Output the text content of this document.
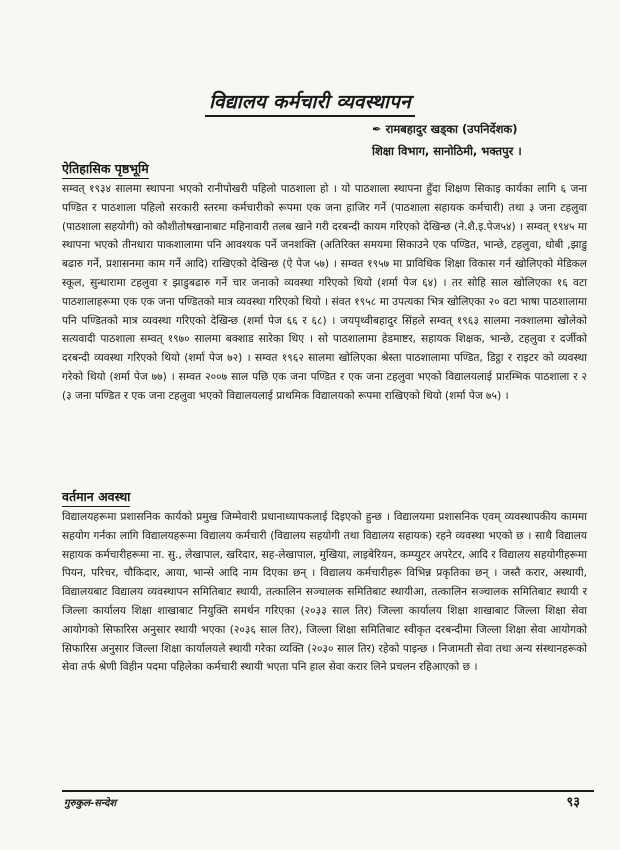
विद्यालय कर्मचारी व्यवस्थापन
✒ रामबहादुर खड्का (उपनिर्देशक)
शिक्षा विभाग, सानोठिमी, भक्तपुर ।
ऐतिहासिक पृष्ठभूमि

सम्वत् १९३४ सालमा स्थापना भएको रानीपोखरी पहिलो पाठशाला हो । यो पाठशाला स्थापना हुँदा शिक्षण सिकाइ कार्यका लागि ६ जना पण्डित र पाठशाला पहिलो सरकारी स्तरमा कर्मचारीको रूपमा एक जना हाजिर गर्ने (पाठशाला सहायक कर्मचारी) तथा ३ जना टहलुवा (पाठशाला सहयोगी) को कौशीतोषखानाबाट महिनावारी तलब खाने गरी दरबन्दी कायम गरिएको देखिन्छ (ने.शै.इ.पेज५४) । सम्वत् १९४५ मा स्थापना भएको तीनधारा पाकशालामा पनि आवश्यक पर्ने जनशक्ति (अतिरिक्त समयमा सिकाउने एक पण्डित, भान्छे, टहलुवा, धोबी ,झाडु बढारु गर्ने, प्रशासनमा काम गर्ने आदि) राखिएको देखिन्छ (ऐ पेज ५७) । सम्वत १९५७ मा प्राविधिक शिक्षा विकास गर्न खोलिएको मेडिकल स्कूल, सुन्धारामा टहलुवा र झाडुबढारु गर्ने चार जनाको व्यवस्था गरिएको थियो (शर्मा पेज ६४) । तर सोहि साल खोलिएका १६ वटा पाठशालाहरूमा एक एक जना पण्डितको मात्र व्यवस्था गरिएको थियो । संवत १९५८ मा उपत्यका भित्र खोलिएका २० वटा भाषा पाठशालामा पनि पण्डितको मात्र व्यवस्था गरिएको देखिन्छ (शर्मा पेज ६६ र ६८) । जयपृथ्वीबहादुर सिंहले सम्वत् १९६३ सालमा नक्शालमा खोलेको सत्यवादी पाठशाला सम्वत् १९७० सालमा बक्शाड सारेका थिए । सो पाठशालामा हेडमाष्टर, सहायक शिक्षक, भान्छे, टहलुवा र दर्जीको दरबन्दी व्यवस्था गरिएको थियो (शर्मा पेज ७२) । सम्वत १९६२ सालमा खोलिएका श्रेस्ता पाठशालामा पण्डित, डिट्ठा र राइटर को व्यवस्था गरेको थियो (शर्मा पेज ७७) । सम्वत २००७ साल पछि एक जना पण्डित र एक जना टहलुवा भएको विद्यालयलाई प्रारम्भिक पाठशाला र २ (३ जना पण्डित र एक जना टहलुवा भएको विद्यालयलाई प्राथमिक विद्यालयको रूपमा राखिएको थियो (शर्मा पेज ७५) ।

वर्तमान अवस्था

विद्यालयहरूमा प्रशासनिक कार्यको प्रमुख जिम्मेवारी प्रधानाध्यापकलाई दिइएको हुन्छ । विद्यालयमा प्रशासनिक एवम् व्यवस्थापकीय काममा सहयोग गर्नका लागि विद्यालयहरूमा विद्यालय कर्मचारी (विद्यालय सहयोगी तथा विद्यालय सहायक) रहने व्यवस्था भएको छ । साथै विद्यालय सहायक कर्मचारीहरूमा ना. सु., लेखापाल, खरिदार, सह-लेखापाल, मुखिया, लाइबेरियन, कम्प्युटर अपरेटर, आदि र विद्यालय सहयोगीहरूमा पियन, परिचर, चौकिदार, आया, भान्से आदि नाम दिएका छन् । विद्यालय कर्मचारीहरू विभिन्न प्रकृतिका छन् । जस्तै करार, अस्थायी, विद्यालयबाट विद्यालय व्यवस्थापन समितिबाट स्थायी, तत्कालिन सञ्चालक समितिबाट स्थायीआ, तत्कालिन सञ्चालक समितिबाट स्थायी र जिल्ला कार्यालय शिक्षा शाखाबाट नियुक्ति समर्थन गरिएका (२०३३ साल तिर) जिल्ला कार्यालय शिक्षा शाखाबाट जिल्ला शिक्षा सेवा आयोगको सिफारिस अनुसार स्थायी भएका (२०३६ साल तिर), जिल्ला शिक्षा समितिबाट स्वीकृत दरबन्दीमा जिल्ला शिक्षा सेवा आयोगको सिफारिस अनुसार जिल्ला शिक्षा कार्यालयले स्थायी गरेका व्यक्ति (२०३० साल तिर) रहेको पाइन्छ । निजामती सेवा तथा अन्य संस्थानहरूको सेवा तर्फ श्रेणी विहीन पदमा पहिलेका कर्मचारी स्थायी भएता पनि हाल सेवा करार लिने प्रचलन रहिआएको छ ।

गुरुकुल-सन्देश	९३
